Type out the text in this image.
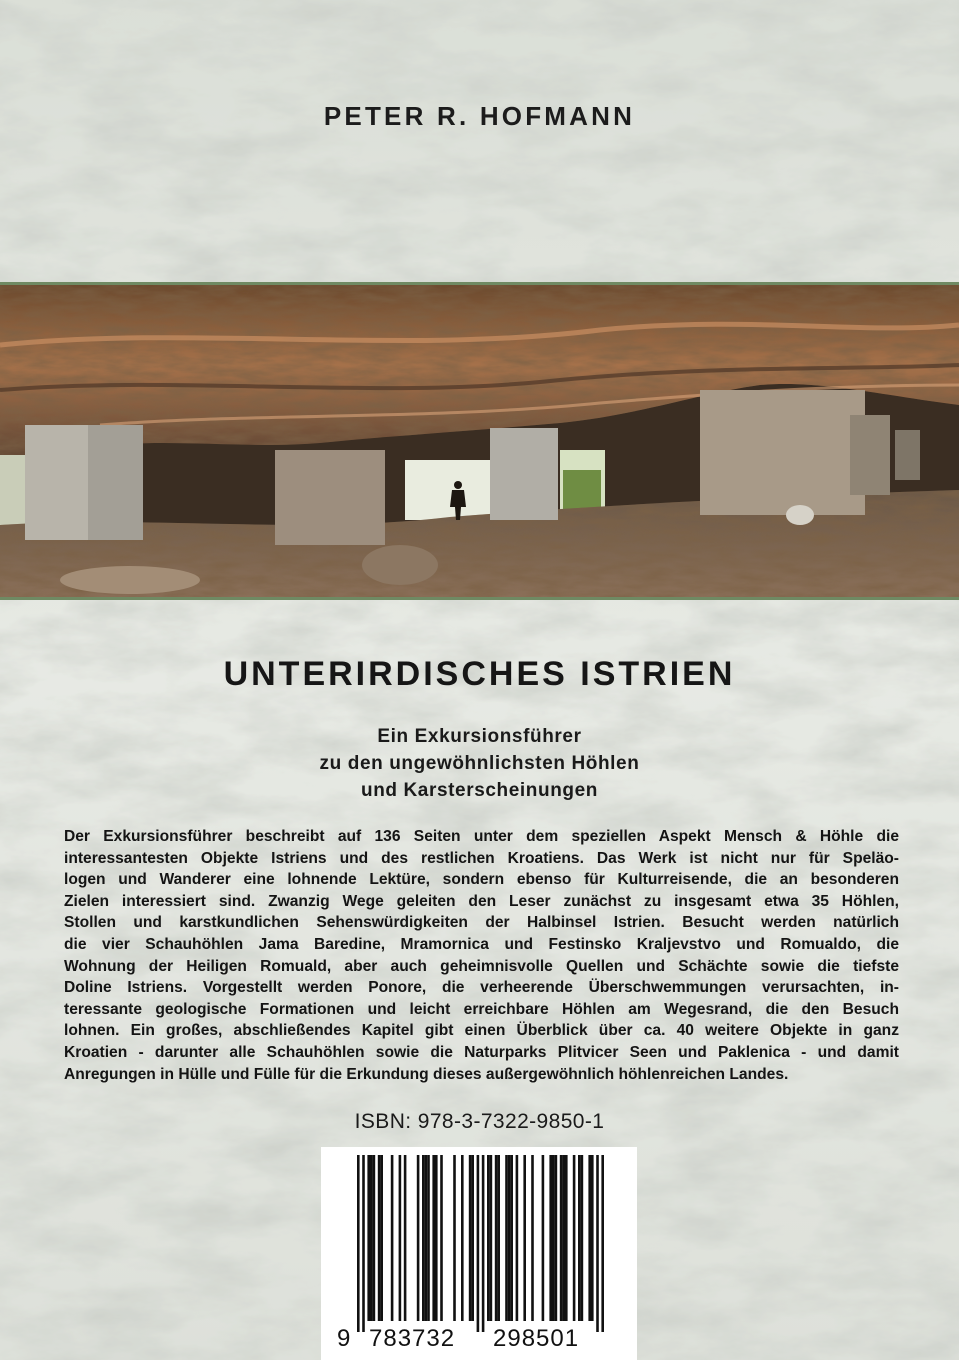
PETER R. HOFMANN
UNTERIRDISCHES ISTRIEN
Ein Exkursionsführer
zu den ungewöhnlichsten Höhlen
und Karsterscheinungen
Der Exkursionsführer beschreibt auf 136 Seiten unter dem speziellen Aspekt Mensch & Höhle die
interessantesten Objekte Istriens und des restlichen Kroatiens. Das Werk ist nicht nur für Speläo-
logen und Wanderer eine lohnende Lektüre, sondern ebenso für Kulturreisende, die an besonderen
Zielen interessiert sind. Zwanzig Wege geleiten den Leser zunächst zu insgesamt etwa 35 Höhlen,
Stollen und karstkundlichen Sehenswürdigkeiten der Halbinsel Istrien. Besucht werden natürlich
die vier Schauhöhlen Jama Baredine, Mramornica und Festinsko Kraljevstvo und Romualdo, die
Wohnung der Heiligen Romuald, aber auch geheimnisvolle Quellen und Schächte sowie die tiefste
Doline Istriens. Vorgestellt werden Ponore, die verheerende Überschwemmungen verursachten, in-
teressante geologische Formationen und leicht erreichbare Höhlen am Wegesrand, die den Besuch
lohnen. Ein großes, abschließendes Kapitel gibt einen Überblick über ca. 40 weitere Objekte in ganz
Kroatien - darunter alle Schauhöhlen sowie die Naturparks Plitvicer Seen und Paklenica - und damit
Anregungen in Hülle und Fülle für die Erkundung dieses außergewöhnlich höhlenreichen Landes.
ISBN: 978-3-7322-9850-1
9 783732 298501
